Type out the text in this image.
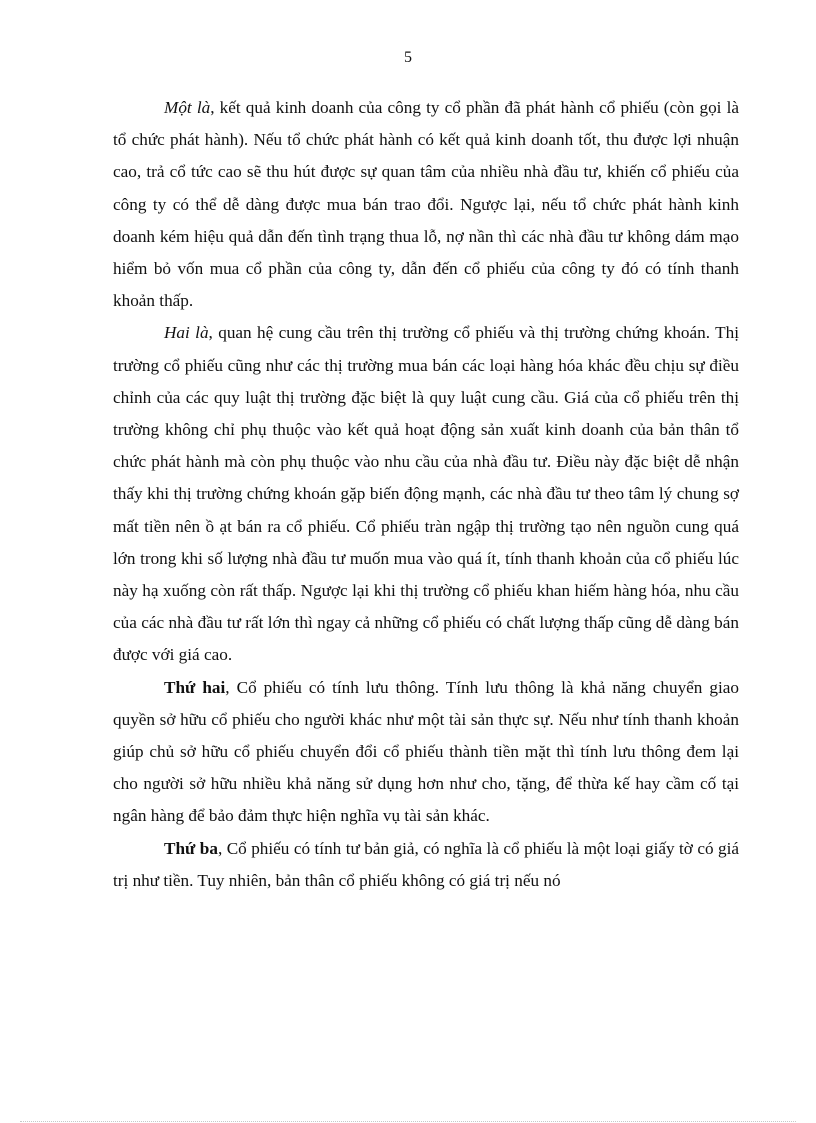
5

Một là, kết quả kinh doanh của công ty cổ phần đã phát hành cổ phiếu (còn gọi là tổ chức phát hành). Nếu tổ chức phát hành có kết quả kinh doanh tốt, thu được lợi nhuận cao, trả cổ tức cao sẽ thu hút được sự quan tâm của nhiều nhà đầu tư, khiến cổ phiếu của công ty có thể dễ dàng được mua bán trao đổi. Ngược lại, nếu tổ chức phát hành kinh doanh kém hiệu quả dẫn đến tình trạng thua lỗ, nợ nần thì các nhà đầu tư không dám mạo hiểm bỏ vốn mua cổ phần của công ty, dẫn đến cổ phiếu của công ty đó có tính thanh khoản thấp.

Hai là, quan hệ cung cầu trên thị trường cổ phiếu và thị trường chứng khoán. Thị trường cổ phiếu cũng như các thị trường mua bán các loại hàng hóa khác đều chịu sự điều chỉnh của các quy luật thị trường đặc biệt là quy luật cung cầu. Giá của cổ phiếu trên thị trường không chỉ phụ thuộc vào kết quả hoạt động sản xuất kinh doanh của bản thân tổ chức phát hành mà còn phụ thuộc vào nhu cầu của nhà đầu tư. Điều này đặc biệt dễ nhận thấy khi thị trường chứng khoán gặp biến động mạnh, các nhà đầu tư theo tâm lý chung sợ mất tiền nên ồ ạt bán ra cổ phiếu. Cổ phiếu tràn ngập thị trường tạo nên nguồn cung quá lớn trong khi số lượng nhà đầu tư muốn mua vào quá ít, tính thanh khoản của cổ phiếu lúc này hạ xuống còn rất thấp. Ngược lại khi thị trường cổ phiếu khan hiếm hàng hóa, nhu cầu của các nhà đầu tư rất lớn thì ngay cả những cổ phiếu có chất lượng thấp cũng dễ dàng bán được với giá cao.

Thứ hai, Cổ phiếu có tính lưu thông. Tính lưu thông là khả năng chuyển giao quyền sở hữu cổ phiếu cho người khác như một tài sản thực sự. Nếu như tính thanh khoản giúp chủ sở hữu cổ phiếu chuyển đổi cổ phiếu thành tiền mặt thì tính lưu thông đem lại cho người sở hữu nhiều khả năng sử dụng hơn như cho, tặng, để thừa kế hay cầm cố tại ngân hàng để bảo đảm thực hiện nghĩa vụ tài sản khác.

Thứ ba, Cổ phiếu có tính tư bản giả, có nghĩa là cổ phiếu là một loại giấy tờ có giá trị như tiền. Tuy nhiên, bản thân cổ phiếu không có giá trị nếu nó
